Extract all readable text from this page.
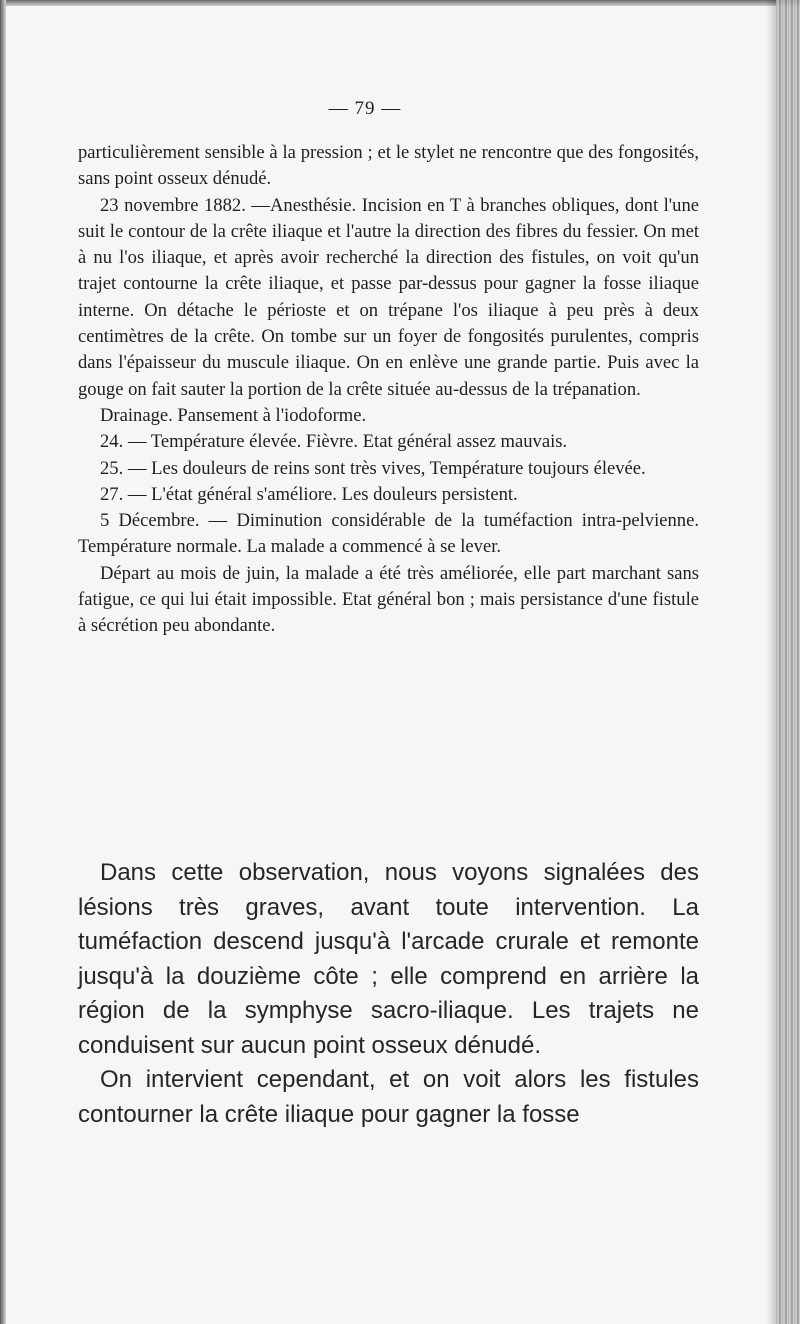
— 79 —

particulièrement sensible à la pression ; et le stylet ne rencontre que des fongosités, sans point osseux dénudé.

23 novembre 1882. —Anesthésie. Incision en T à branches obliques, dont l'une suit le contour de la crête iliaque et l'autre la direction des fibres du fessier. On met à nu l'os iliaque, et après avoir recherché la direction des fistules, on voit qu'un trajet contourne la crête iliaque, et passe par-dessus pour gagner la fosse iliaque interne. On détache le périoste et on trépane l'os iliaque à peu près à deux centimètres de la crête. On tombe sur un foyer de fongosités purulentes, compris dans l'épaisseur du muscule iliaque. On en enlève une grande partie. Puis avec la gouge on fait sauter la portion de la crête située au-dessus de la trépanation.

Drainage. Pansement à l'iodoforme.

24. — Température élevée. Fièvre. Etat général assez mauvais.

25. — Les douleurs de reins sont très vives, Température toujours élevée.

27. — L'état général s'améliore. Les douleurs persistent.

5 Décembre. — Diminution considérable de la tuméfaction intra-pelvienne. Température normale. La malade a commencé à se lever.

Départ au mois de juin, la malade a été très améliorée, elle part marchant sans fatigue, ce qui lui était impossible. Etat général bon ; mais persistance d'une fistule à sécrétion peu abondante.

Dans cette observation, nous voyons signalées des lésions très graves, avant toute intervention. La tuméfaction descend jusqu'à l'arcade crurale et remonte jusqu'à la douzième côte ; elle comprend en arrière la région de la symphyse sacro-iliaque. Les trajets ne conduisent sur aucun point osseux dénudé.

On intervient cependant, et on voit alors les fistules contourner la crête iliaque pour gagner la fosse
